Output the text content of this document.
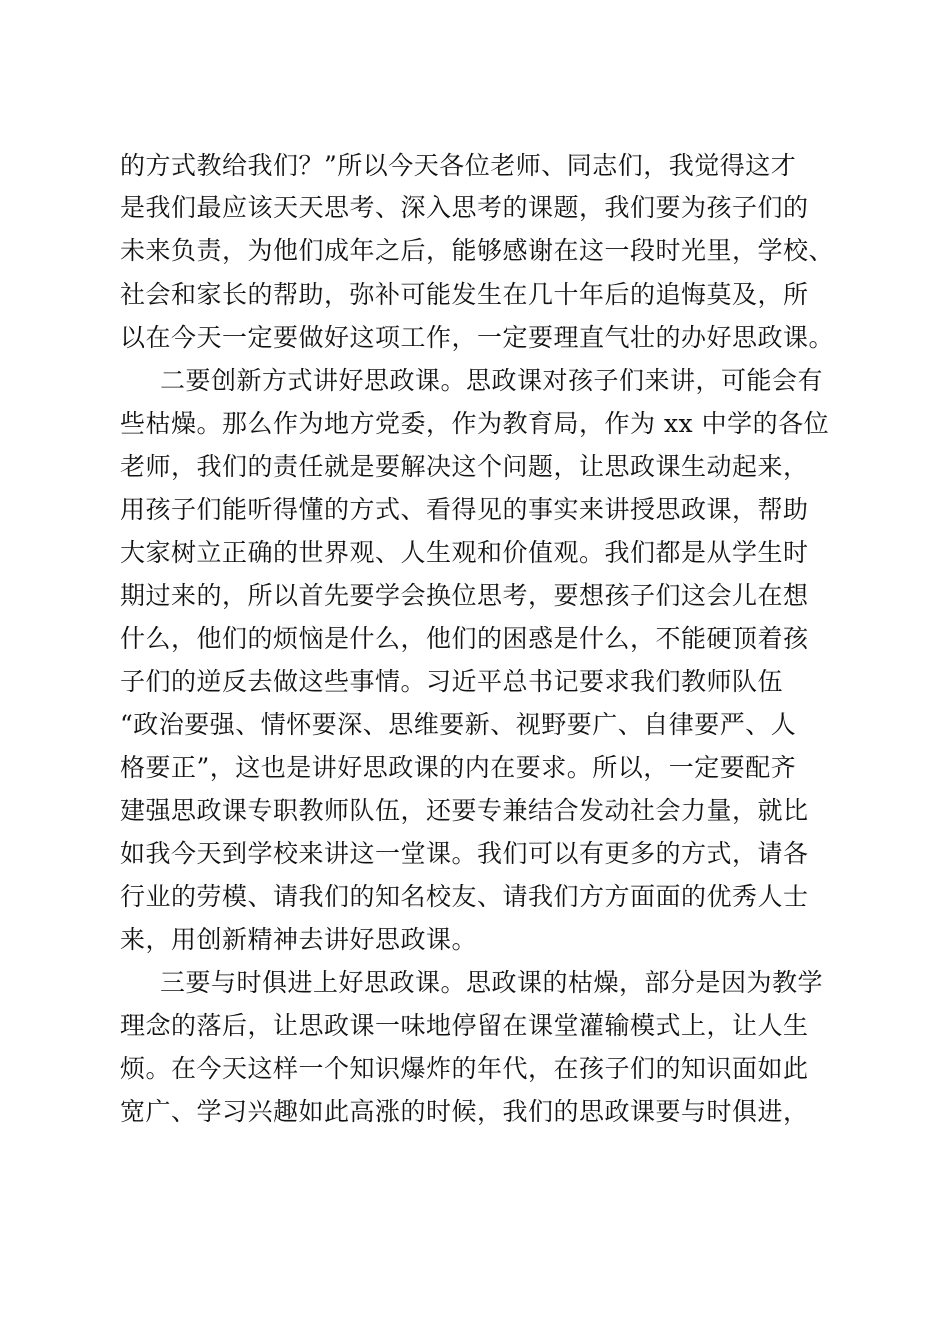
的方式教给我们？”所以今天各位老师、同志们，我觉得这才
是我们最应该天天思考、深入思考的课题，我们要为孩子们的
未来负责，为他们成年之后，能够感谢在这一段时光里，学校、
社会和家长的帮助，弥补可能发生在几十年后的追悔莫及，所
以在今天一定要做好这项工作，一定要理直气壮的办好思政课。
二要创新方式讲好思政课。思政课对孩子们来讲，可能会有
些枯燥。那么作为地方党委，作为教育局，作为 xx 中学的各位
老师，我们的责任就是要解决这个问题，让思政课生动起来，
用孩子们能听得懂的方式、看得见的事实来讲授思政课，帮助
大家树立正确的世界观、人生观和价值观。我们都是从学生时
期过来的，所以首先要学会换位思考，要想孩子们这会儿在想
什么，他们的烦恼是什么，他们的困惑是什么，不能硬顶着孩
子们的逆反去做这些事情。习近平总书记要求我们教师队伍
“政治要强、情怀要深、思维要新、视野要广、自律要严、人
格要正”，这也是讲好思政课的内在要求。所以，一定要配齐
建强思政课专职教师队伍，还要专兼结合发动社会力量，就比
如我今天到学校来讲这一堂课。我们可以有更多的方式，请各
行业的劳模、请我们的知名校友、请我们方方面面的优秀人士
来，用创新精神去讲好思政课。
三要与时俱进上好思政课。思政课的枯燥，部分是因为教学
理念的落后，让思政课一味地停留在课堂灌输模式上，让人生
烦。在今天这样一个知识爆炸的年代，在孩子们的知识面如此
宽广、学习兴趣如此高涨的时候，我们的思政课要与时俱进，
